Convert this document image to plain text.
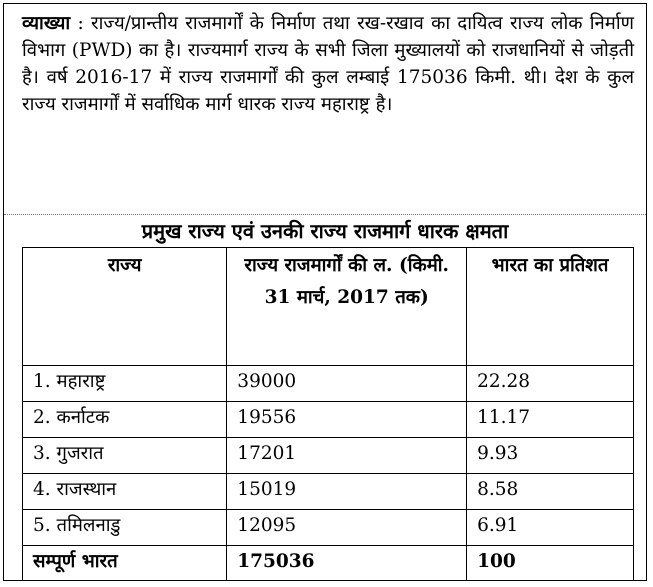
व्याख्या : राज्य/प्रान्तीय राजमार्गों के निर्माण तथा रख-रखाव का दायित्व राज्य लोक निर्माण विभाग (PWD) का है। राज्यमार्ग राज्य के सभी जिला मुख्यालयों को राजधानियों से जोड़ती है। वर्ष 2016-17 में राज्य राजमार्गों की कुल लम्बाई 175036 किमी. थी। देश के कुल राज्य राजमार्गों में सर्वाधिक मार्ग धारक राज्य महाराष्ट्र है।

प्रमुख राज्य एवं उनकी राज्य राजमार्ग धारक क्षमता
राज्य	राज्य राजमार्गों की ल. (किमी. 31 मार्च, 2017 तक)	भारत का प्रतिशत
1. महाराष्ट्र	39000	22.28
2. कर्नाटक	19556	11.17
3. गुजरात	17201	9.93
4. राजस्थान	15019	8.58
5. तमिलनाडु	12095	6.91
सम्पूर्ण भारत	175036	100
